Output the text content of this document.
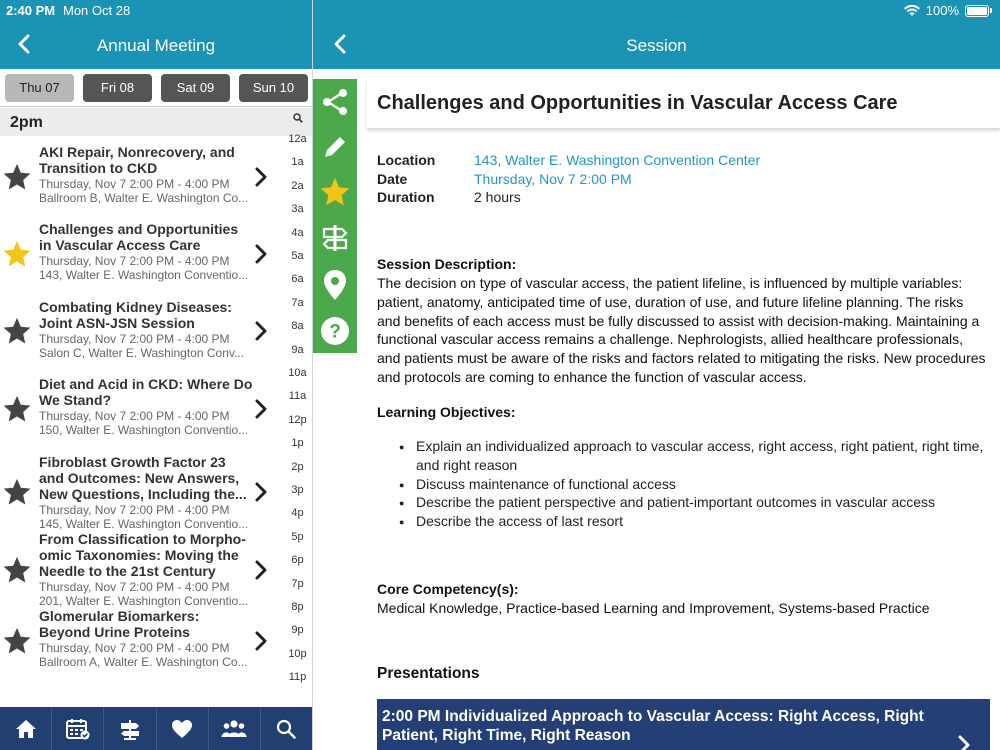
2:40 PM Mon Oct 28	100%
Annual Meeting	Session
Thu 07	Fri 08	Sat 09	Sun 10
2pm
AKI Repair, Nonrecovery, and Transition to CKD
Thursday, Nov 7 2:00 PM - 4:00 PM
Ballroom B, Walter E. Washington Co...
Challenges and Opportunities in Vascular Access Care
Thursday, Nov 7 2:00 PM - 4:00 PM
143, Walter E. Washington Conventio...
Combating Kidney Diseases: Joint ASN-JSN Session
Thursday, Nov 7 2:00 PM - 4:00 PM
Salon C, Walter E. Washington Conv...
Diet and Acid in CKD: Where Do We Stand?
Thursday, Nov 7 2:00 PM - 4:00 PM
150, Walter E. Washington Conventio...
Fibroblast Growth Factor 23 and Outcomes: New Answers, New Questions, Including the...
Thursday, Nov 7 2:00 PM - 4:00 PM
145, Walter E. Washington Conventio...
From Classification to Morpho-omic Taxonomies: Moving the Needle to the 21st Century
Thursday, Nov 7 2:00 PM - 4:00 PM
201, Walter E. Washington Conventio...
Glomerular Biomarkers: Beyond Urine Proteins
Thursday, Nov 7 2:00 PM - 4:00 PM
Ballroom A, Walter E. Washington Co...
12a
1a
2a
3a
4a
5a
6a
7a
8a
9a
10a
11a
12p
1p
2p
3p
4p
5p
6p
7p
8p
9p
10p
11p
?
Challenges and Opportunities in Vascular Access Care
Location	143, Walter E. Washington Convention Center
Date	Thursday, Nov 7 2:00 PM
Duration	2 hours
Session Description:
The decision on type of vascular access, the patient lifeline, is influenced by multiple variables: patient, anatomy, anticipated time of use, duration of use, and future lifeline planning. The risks and benefits of each access must be fully discussed to assist with decision-making. Maintaining a functional vascular access remains a challenge. Nephrologists, allied healthcare professionals, and patients must be aware of the risks and factors related to mitigating the risks. New procedures and protocols are coming to enhance the function of vascular access.
Learning Objectives:
● Explain an individualized approach to vascular access, right access, right patient, right time, and right reason
● Discuss maintenance of functional access
● Describe the patient perspective and patient-important outcomes in vascular access
● Describe the access of last resort
Core Competency(s):
Medical Knowledge, Practice-based Learning and Improvement, Systems-based Practice
Presentations
2:00 PM Individualized Approach to Vascular Access: Right Access, Right Patient, Right Time, Right Reason
